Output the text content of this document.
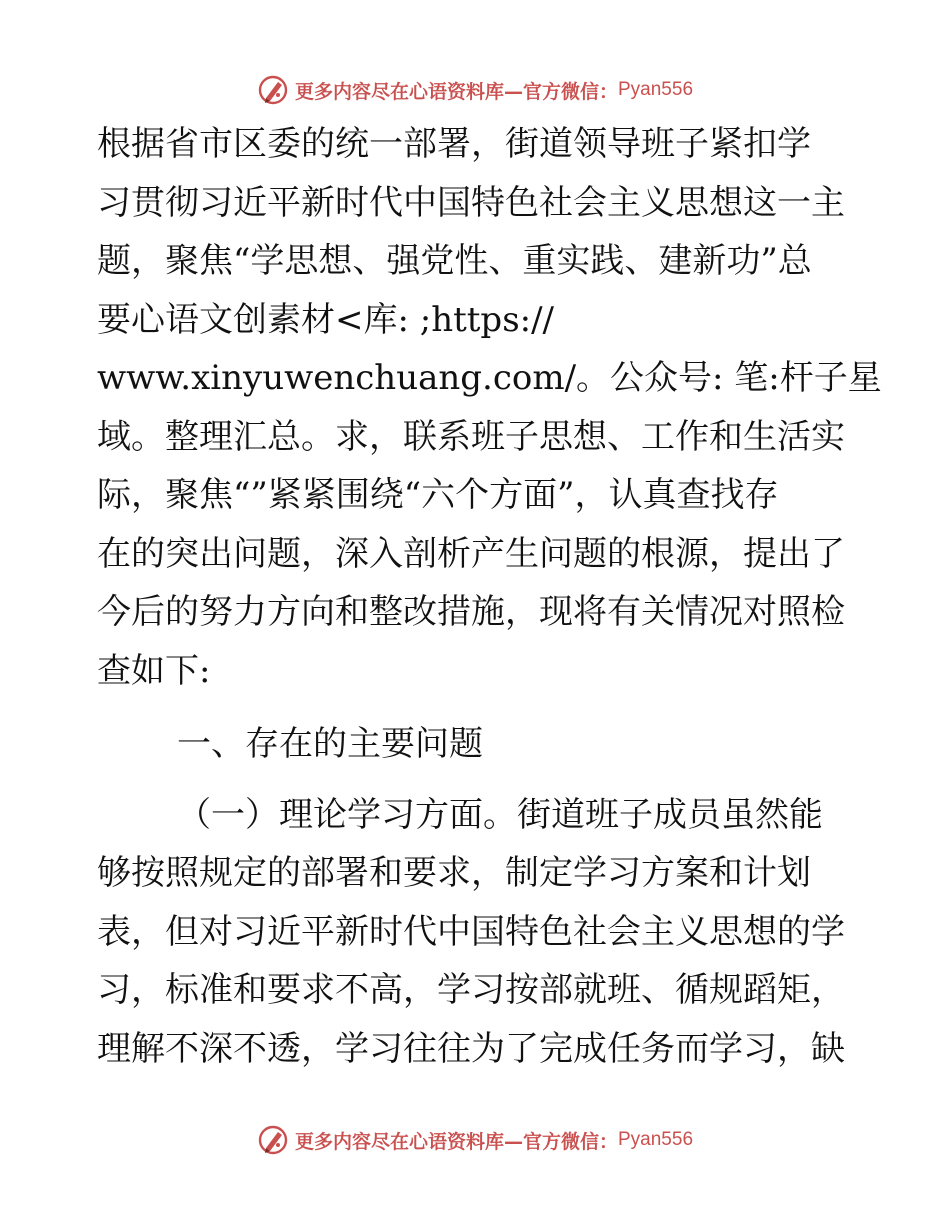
更多内容尽在心语资料库—官方微信： Pyan556
根据省市区委的统一部署，街道领导班子紧扣学
习贯彻习近平新时代中国特色社会主义思想这一主
题，聚焦“学思想、强党性、重实践、建新功”总
要心语文创素材<库: ;https://
www.xinyuwenchuang.com/。公众号: 笔:杆子星
域。整理汇总。求，联系班子思想、工作和生活实
际，聚焦“”紧紧围绕“六个方面”，认真查找存
在的突出问题，深入剖析产生问题的根源，提出了
今后的努力方向和整改措施，现将有关情况对照检
查如下:
一、存在的主要问题
（一）理论学习方面。街道班子成员虽然能
够按照规定的部署和要求，制定学习方案和计划
表，但对习近平新时代中国特色社会主义思想的学
习，标准和要求不高，学习按部就班、循规蹈矩，
理解不深不透，学习往往为了完成任务而学习，缺
更多内容尽在心语资料库—官方微信： Pyan556
